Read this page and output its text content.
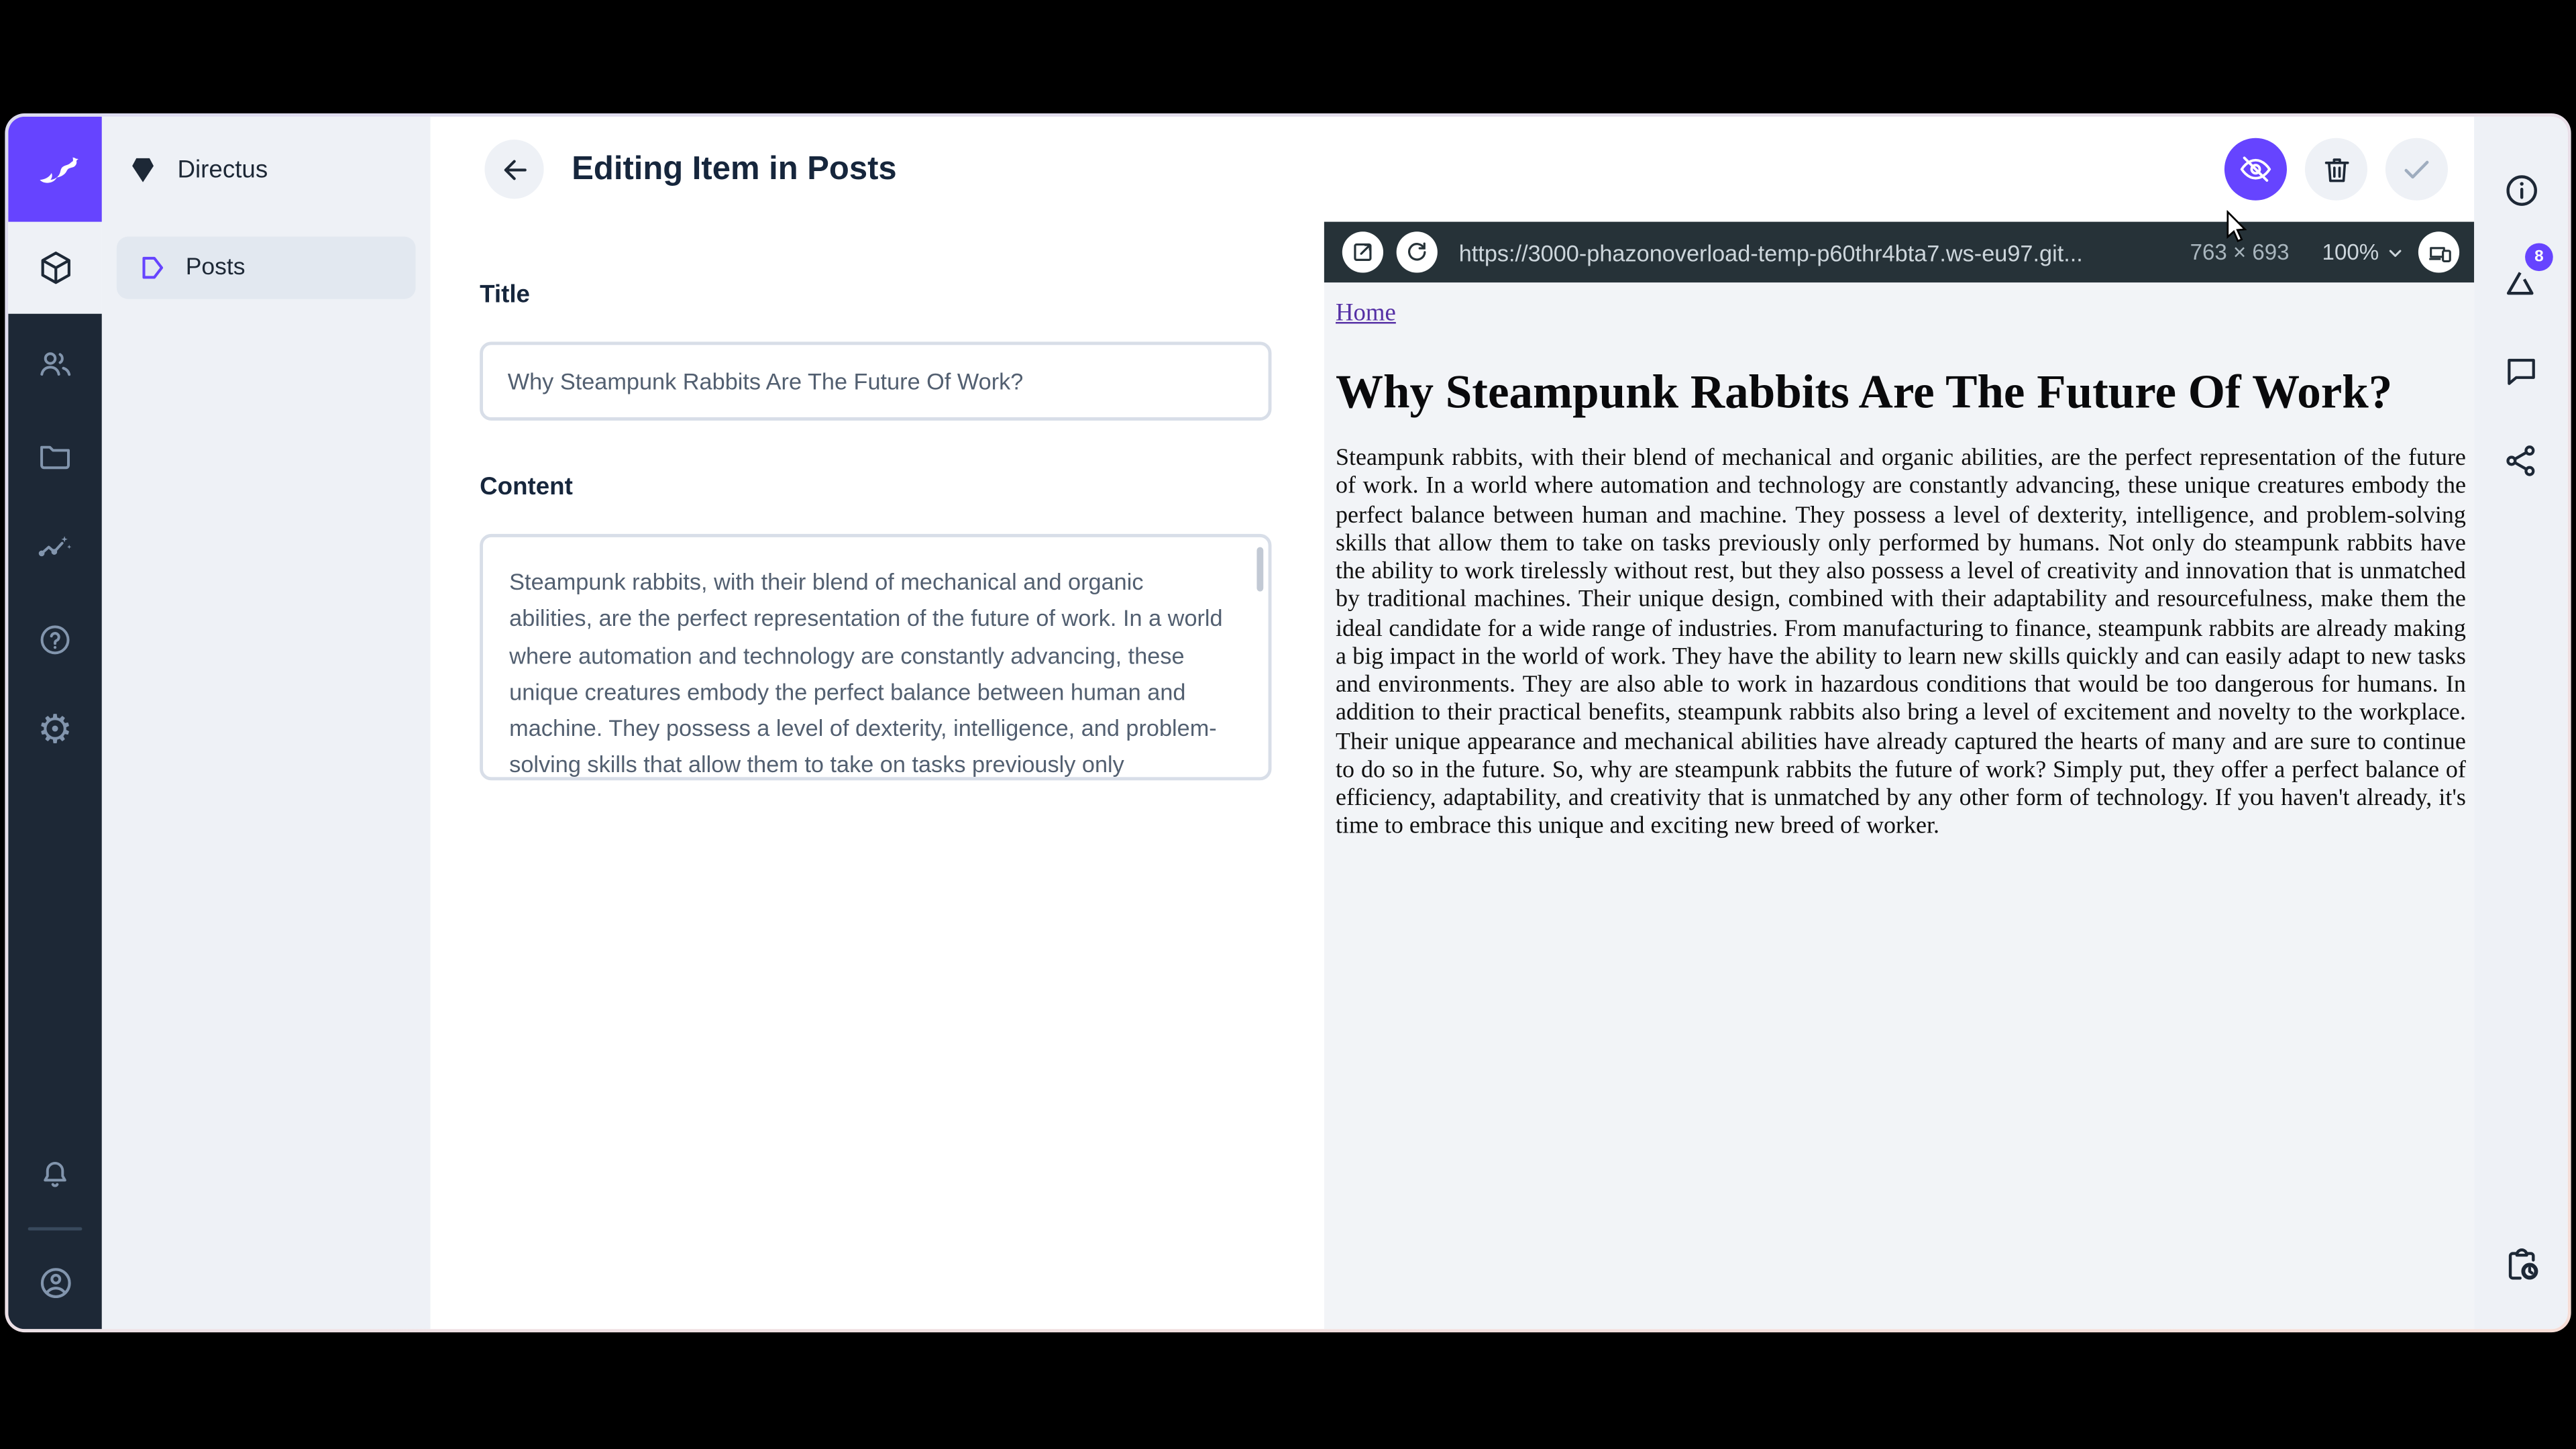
⚙
Directus
Posts
Editing Item in Posts
Title
Why Steampunk Rabbits Are The Future Of Work?
Content
Steampunk rabbits, with their blend of mechanical and organic abilities, are the perfect representation of the future of work. In a world where automation and technology are constantly advancing, these unique creatures embody the perfect balance between human and machine. They possess a level of dexterity, intelligence, and problem-solving skills that allow them to take on tasks previously only performed by humans. Not only do steampunk rabbits have the ability to work tirelessly without rest, but they also possess a level of creativity and innovation that is unmatched by traditional machines. Their unique design, combined with their adaptability and resourcefulness, make them the ideal candidate for a wide range of industries. From manufacturing to finance, steampunk rabbits are already making a big impact in the world of work. They have the ability to learn new skills quickly and can easily adapt to new tasks and environments. They are also able to work in hazardous conditions that would be too dangerous for humans. In addition to their practical benefits, steampunk rabbits also bring a level of excitement and novelty to the workplace. Their unique appearance and mechanical abilities have already captured the hearts of many and are sure to continue to do so in the future. So, why are steampunk rabbits the future of work? Simply put, they offer a perfect balance of efficiency, adaptability, and creativity that is unmatched by any other form of technology. If you haven't already, it's time to embrace this unique and exciting new breed of worker.
https://3000-phazonoverload-temp-p60thr4bta7.ws-eu97.git...	763 × 693	100%
Home
Why Steampunk Rabbits Are The Future Of Work?

Steampunk rabbits, with their blend of mechanical and organic abilities, are the perfect representation of the future of work. In a world where automation and technology are constantly advancing, these unique creatures embody the perfect balance between human and machine. They possess a level of dexterity, intelligence, and problem-solving skills that allow them to take on tasks previously only performed by humans. Not only do steampunk rabbits have the ability to work tirelessly without rest, but they also possess a level of creativity and innovation that is unmatched by traditional machines. Their unique design, combined with their adaptability and resourcefulness, make them the ideal candidate for a wide range of industries. From manufacturing to finance, steampunk rabbits are already making a big impact in the world of work. They have the ability to learn new skills quickly and can easily adapt to new tasks and environments. They are also able to work in hazardous conditions that would be too dangerous for humans. In addition to their practical benefits, steampunk rabbits also bring a level of excitement and novelty to the workplace. Their unique appearance and mechanical abilities have already captured the hearts of many and are sure to continue to do so in the future. So, why are steampunk rabbits the future of work? Simply put, they offer a perfect balance of efficiency, adaptability, and creativity that is unmatched by any other form of technology. If you haven't already, it's time to embrace this unique and exciting new breed of worker.

8
